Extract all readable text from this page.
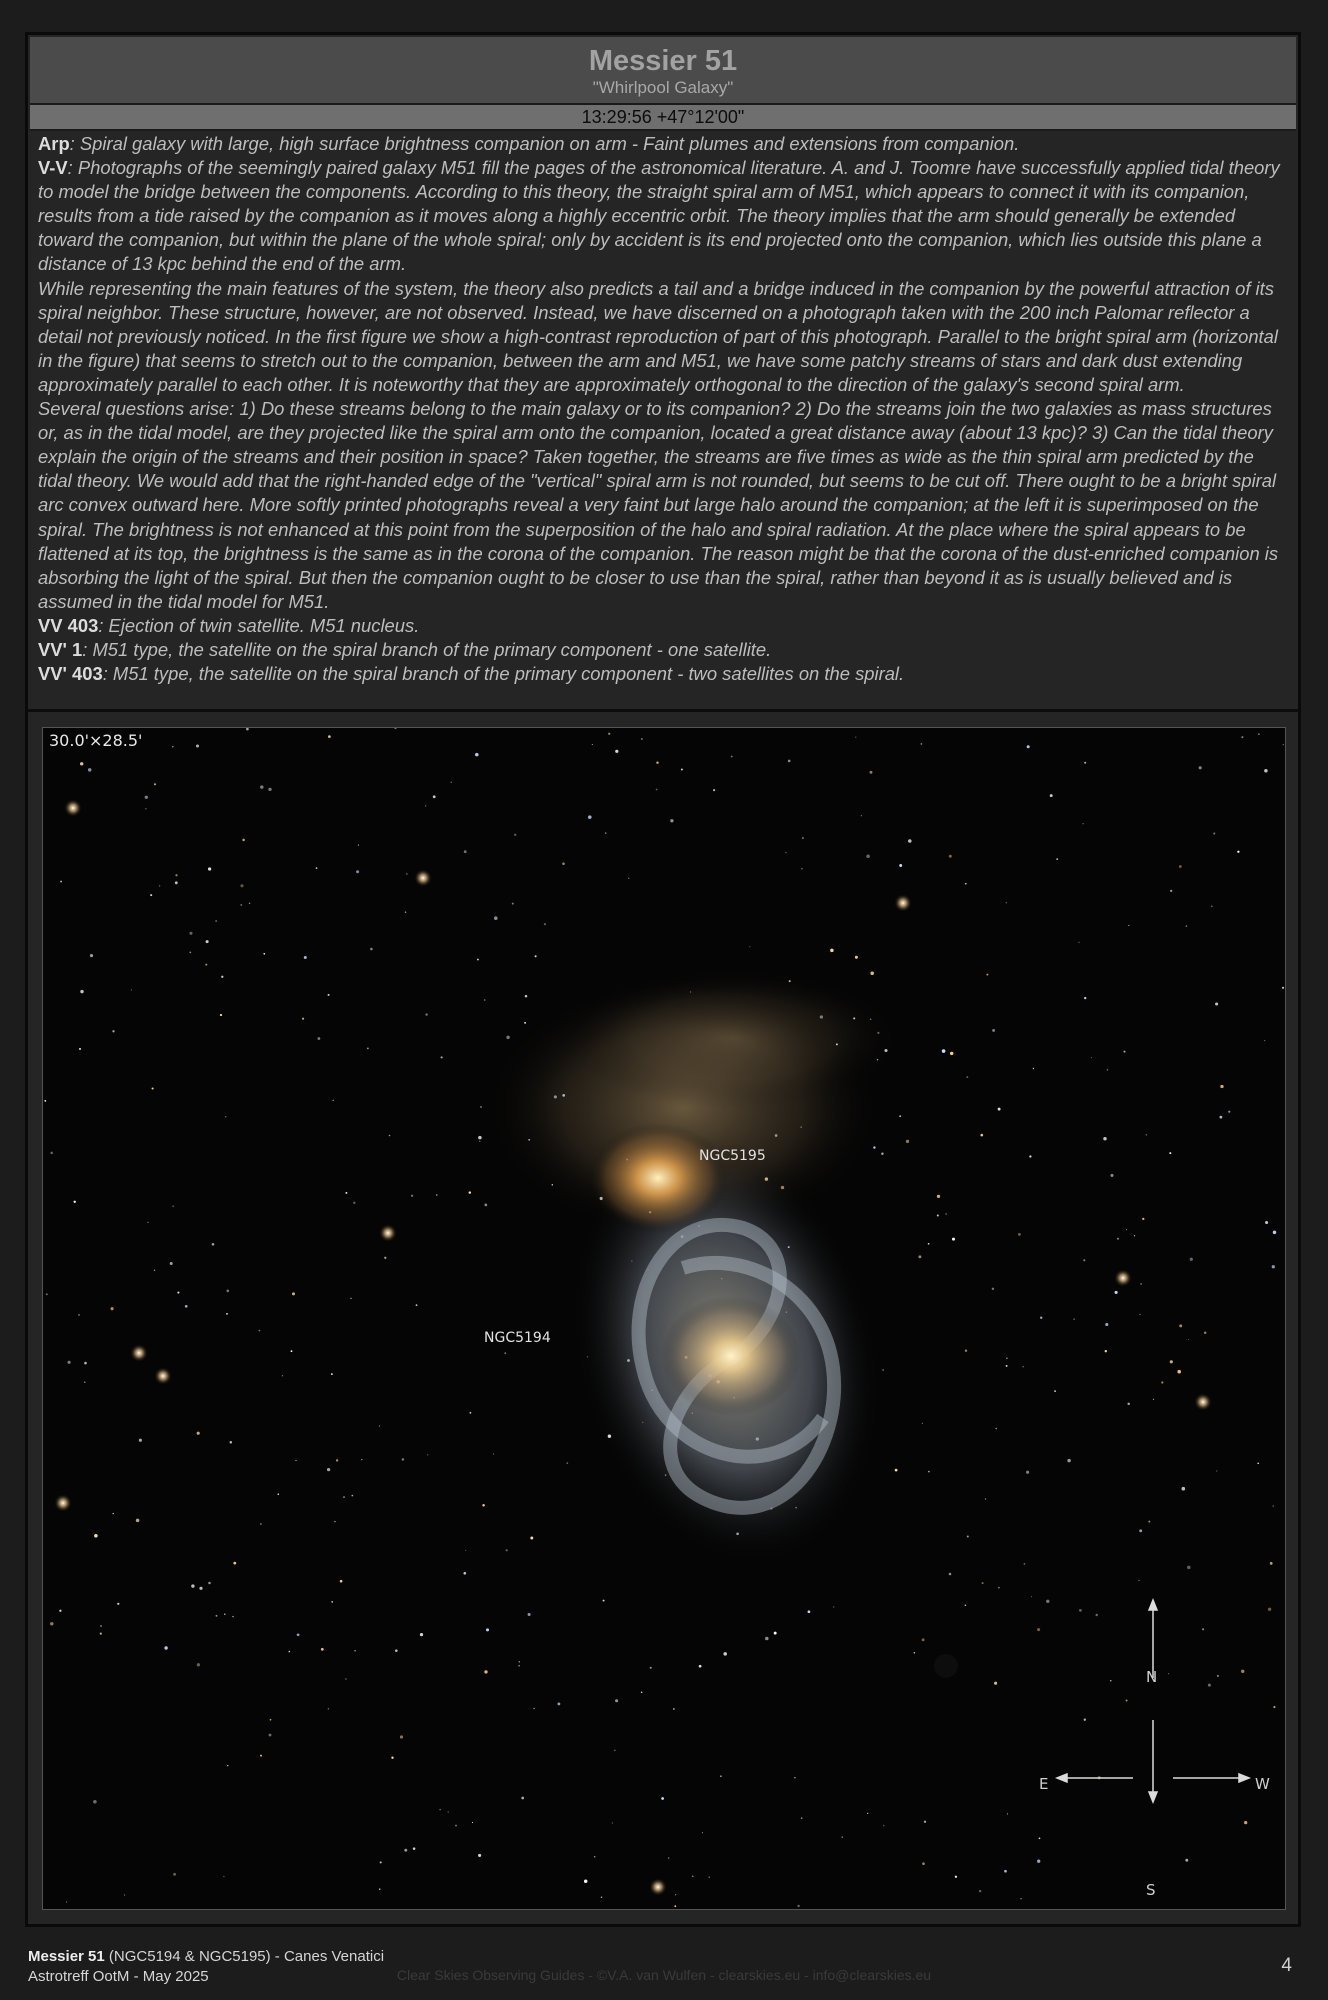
Messier 51
"Whirlpool Galaxy"
13:29:56 +47°12'00"

Arp: Spiral galaxy with large, high surface brightness companion on arm - Faint plumes and extensions from companion.

V-V: Photographs of the seemingly paired galaxy M51 fill the pages of the astronomical literature. A. and J. Toomre have successfully applied tidal theory to model the bridge between the components. According to this theory, the straight spiral arm of M51, which appears to connect it with its companion, results from a tide raised by the companion as it moves along a highly eccentric orbit. The theory implies that the arm should generally be extended toward the companion, but within the plane of the whole spiral; only by accident is its end projected onto the companion, which lies outside this plane a distance of 13 kpc behind the end of the arm.

While representing the main features of the system, the theory also predicts a tail and a bridge induced in the companion by the powerful attraction of its spiral neighbor. These structure, however, are not observed. Instead, we have discerned on a photograph taken with the 200 inch Palomar reflector a detail not previously noticed. In the first figure we show a high-contrast reproduction of part of this photograph. Parallel to the bright spiral arm (horizontal in the figure) that seems to stretch out to the companion, between the arm and M51, we have some patchy streams of stars and dark dust extending approximately parallel to each other. It is noteworthy that they are approximately orthogonal to the direction of the galaxy's second spiral arm.

Several questions arise: 1) Do these streams belong to the main galaxy or to its companion? 2) Do the streams join the two galaxies as mass structures or, as in the tidal model, are they projected like the spiral arm onto the companion, located a great distance away (about 13 kpc)? 3) Can the tidal theory explain the origin of the streams and their position in space? Taken together, the streams are five times as wide as the thin spiral arm predicted by the tidal theory. We would add that the right-handed edge of the "vertical" spiral arm is not rounded, but seems to be cut off. There ought to be a bright spiral arc convex outward here. More softly printed photographs reveal a very faint but large halo around the companion; at the left it is superimposed on the spiral. The brightness is not enhanced at this point from the superposition of the halo and spiral radiation. At the place where the spiral appears to be flattened at its top, the brightness is the same as in the corona of the companion. The reason might be that the corona of the dust-enriched companion is absorbing the light of the spiral. But then the companion ought to be closer to use than the spiral, rather than beyond it as is usually believed and is assumed in the tidal model for M51.

VV 403: Ejection of twin satellite. M51 nucleus.

VV' 1: M51 type, the satellite on the spiral branch of the primary component - one satellite.

VV' 403: M51 type, the satellite on the spiral branch of the primary component - two satellites on the spiral.

30.0'×28.5'
NGC5195
NGC5194
N
S
E	W
Messier 51 (NGC5194 & NGC5195) - Canes Venatici
Astrotreff OotM - May 2025	Clear Skies Observing Guides - ©V.A. van Wulfen - clearskies.eu - info@clearskies.eu	4
